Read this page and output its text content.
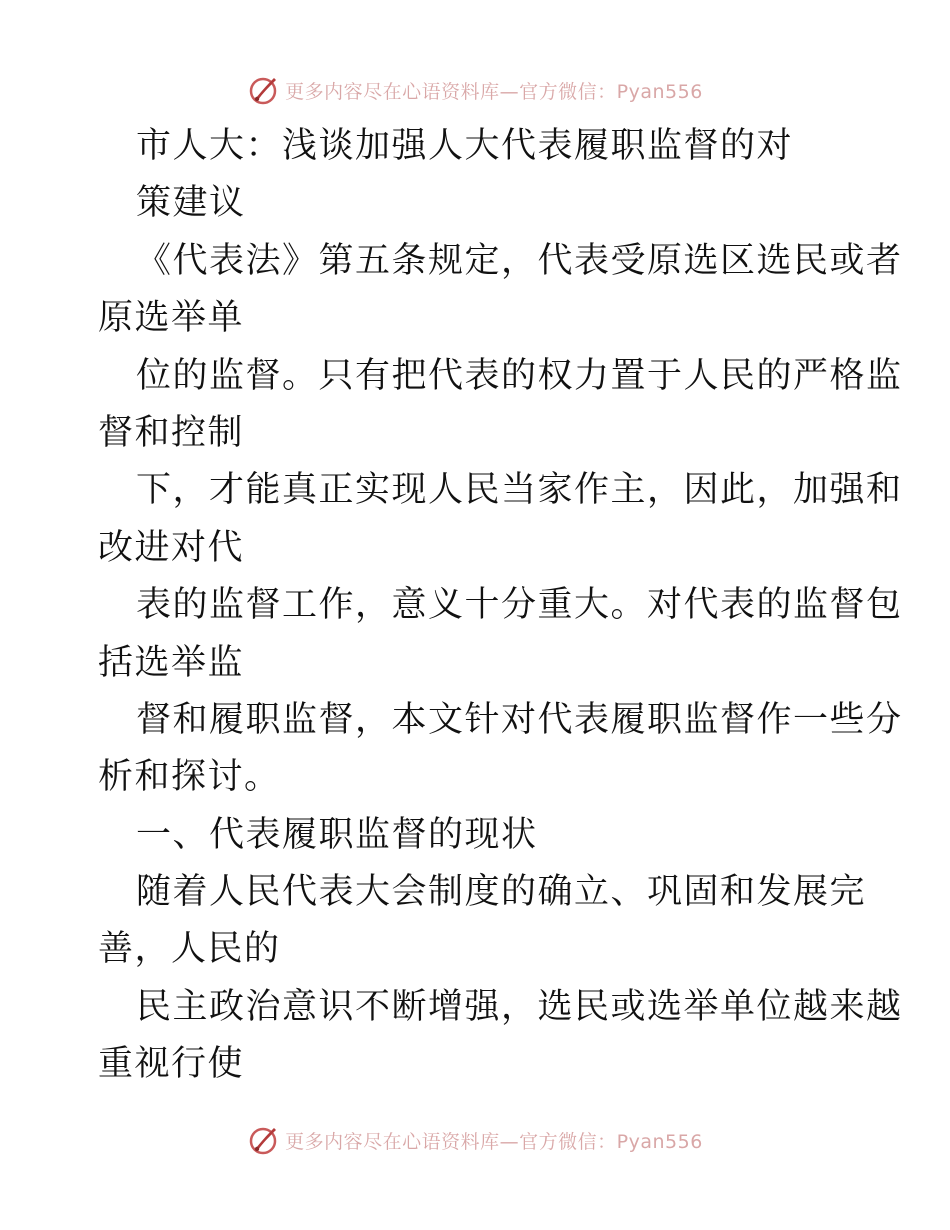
更多内容尽在心语资料库—官方微信：Pyan556
市人大：浅谈加强人大代表履职监督的对
策建议
《代表法》第五条规定，代表受原选区选民或者
原选举单
位的监督。只有把代表的权力置于人民的严格监
督和控制
下，才能真正实现人民当家作主，因此，加强和
改进对代
表的监督工作，意义十分重大。对代表的监督包
括选举监
督和履职监督，本文针对代表履职监督作一些分
析和探讨。
一、代表履职监督的现状
随着人民代表大会制度的确立、巩固和发展完
善，人民的
民主政治意识不断增强，选民或选举单位越来越
重视行使
更多内容尽在心语资料库—官方微信：Pyan556
